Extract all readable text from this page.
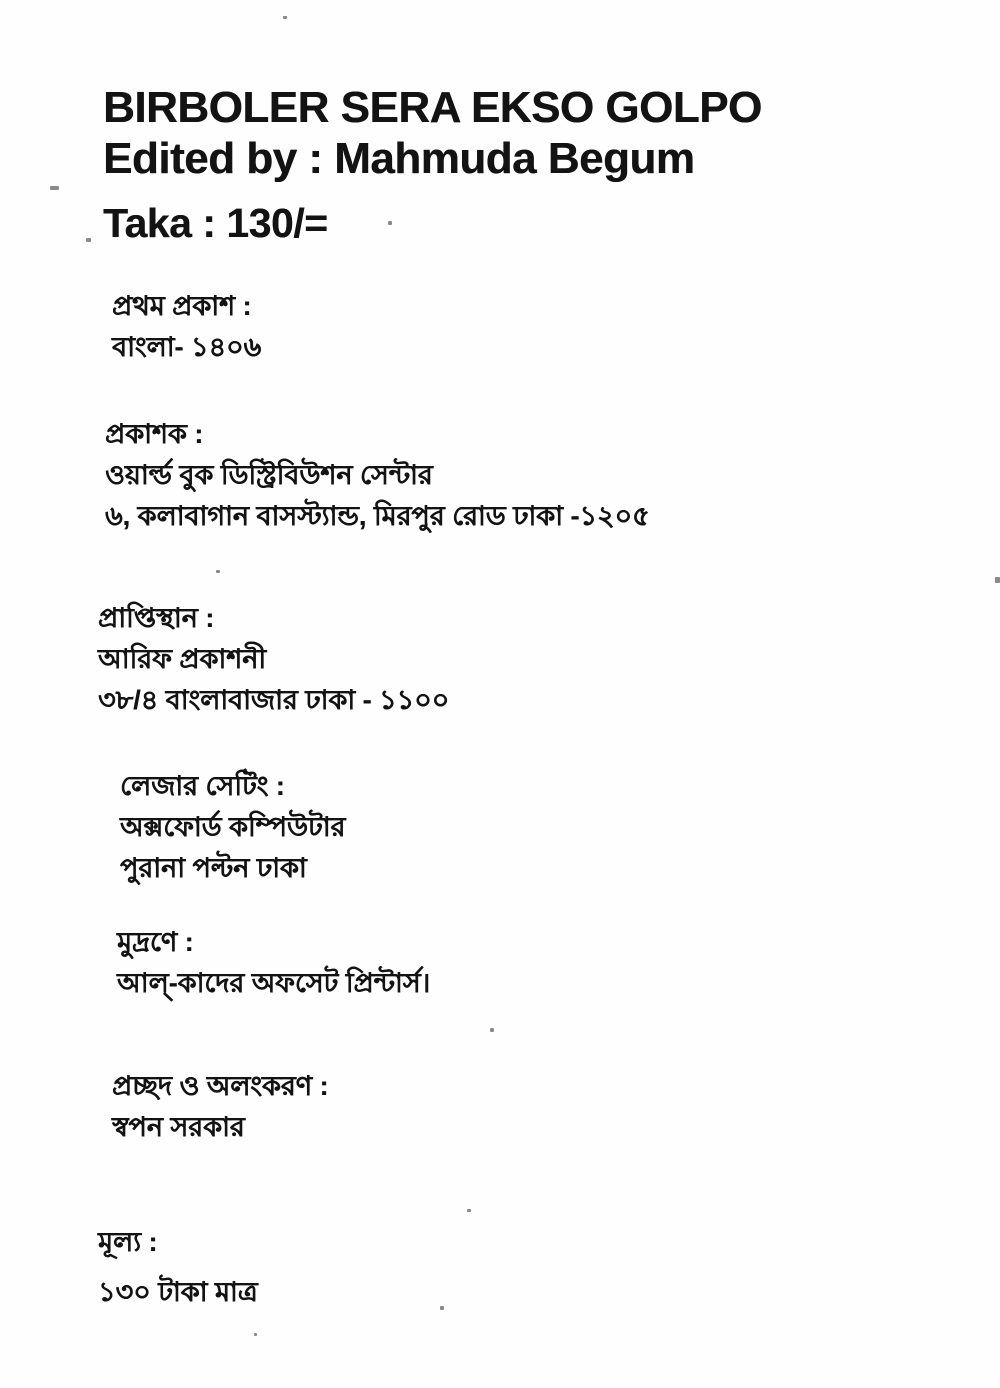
BIRBOLER SERA EKSO GOLPO
Edited by : Mahmuda Begum
Taka : 130/=
প্রথম প্রকাশ :
বাংলা- ১৪০৬
প্রকাশক :
ওয়ার্ল্ড বুক ডিস্ট্রিবিউশন সেন্টার
৬, কলাবাগান বাসস্ট্যান্ড, মিরপুর রোড ঢাকা -১২০৫
প্রাপ্তিস্থান :
আরিফ প্রকাশনী
৩৮/৪ বাংলাবাজার ঢাকা - ১১০০
লেজার সেটিং :
অক্সফোর্ড কম্পিউটার
পুরানা পল্টন ঢাকা
মুদ্রণে :
আল্-কাদের অফসেট প্রিন্টার্স।
প্রচ্ছদ ও অলংকরণ :
স্বপন সরকার
মূল্য :
১৩০ টাকা মাত্র
